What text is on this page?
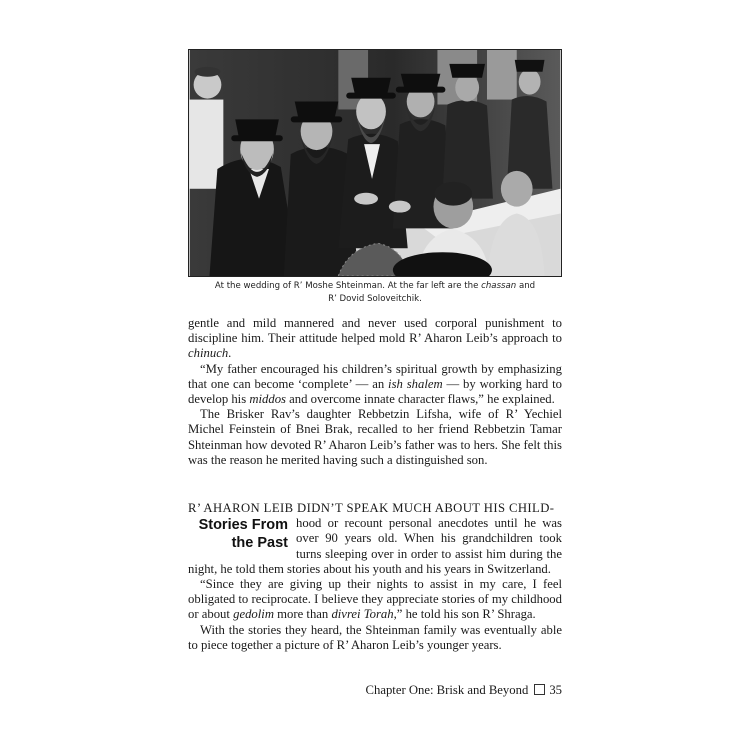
At the wedding of R’ Moshe Shteinman. At the far left are the chassan and
R’ Dovid Soloveitchik.

gentle and mild mannered and never used corporal punishment to discipline him. Their attitude helped mold R’ Aharon Leib’s approach to chinuch.

“My father encouraged his children’s spiritual growth by emphasizing that one can become ‘complete’ — an ish shalem — by working hard to develop his middos and overcome innate character flaws,” he explained.

The Brisker Rav’s daughter Rebbetzin Lifsha, wife of R’ Yechiel Michel Feinstein of Bnei Brak, recalled to her friend Rebbetzin Tamar Shteinman how devoted R’ Aharon Leib’s father was to hers. She felt this was the reason he merited having such a distinguished son.

R’ AHARON LEIB DIDN’T SPEAK MUCH ABOUT HIS CHILD-

Stories From
the Past

hood or recount personal anecdotes until he was over 90 years old. When his grandchildren took turns sleeping over in order to assist him during the night, he told them stories about his youth and his years in Switzerland.

“Since they are giving up their nights to assist in my care, I feel obligated to reciprocate. I believe they appreciate stories of my childhood or about gedolim more than divrei Torah,” he told his son R’ Shraga.

With the stories they heard, the Shteinman family was eventually able to piece together a picture of R’ Aharon Leib’s younger years.

Chapter One: Brisk and Beyond 35
